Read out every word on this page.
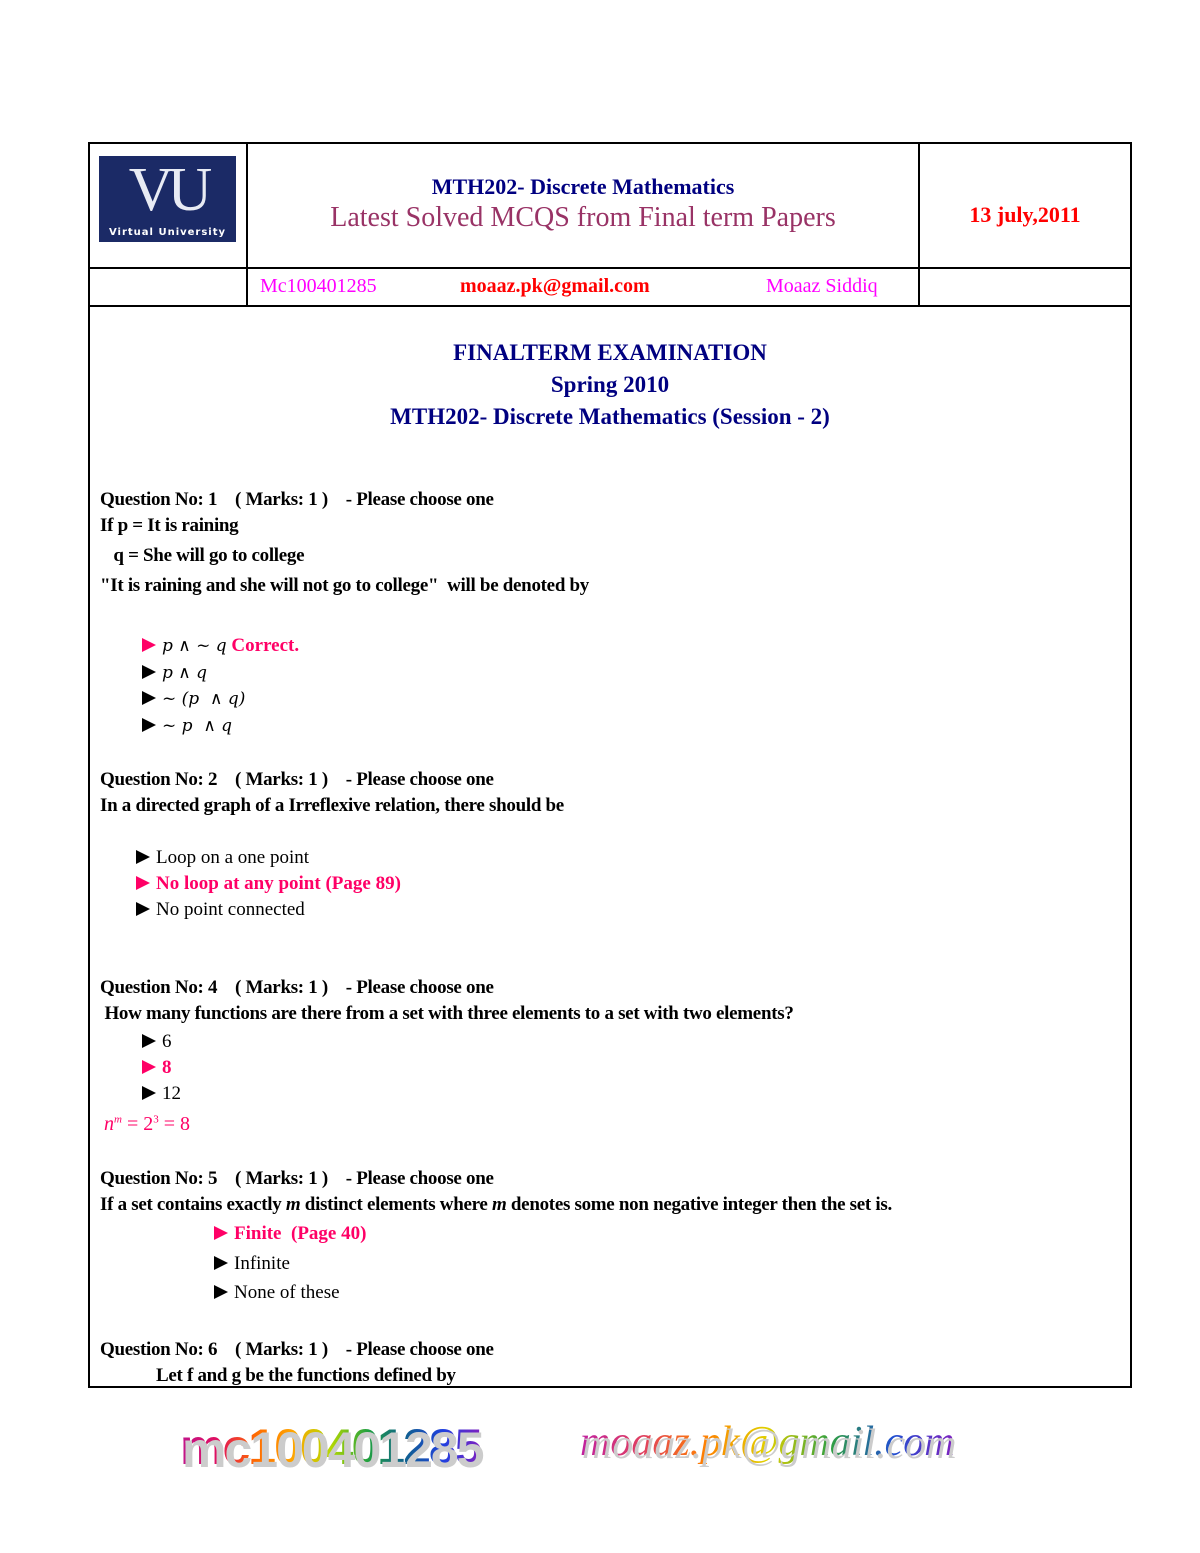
VU
Virtual University
MTH202- Discrete Mathematics
Latest Solved MCQS from Final term Papers	13 july,2011
Mc100401285	moaaz.pk@gmail.com	Moaaz Siddiq
FINALTERM EXAMINATION
Spring 2010
MTH202- Discrete Mathematics (Session - 2)
Question No: 1    ( Marks: 1 )    - Please choose one
If p = It is raining
q = She will go to college
"It is raining and she will not go to college"  will be denoted by
p ∧ ~ q Correct.
p ∧ q
~ (p  ∧ q)
~ p  ∧ q
Question No: 2    ( Marks: 1 )    - Please choose one
In a directed graph of a Irreflexive relation, there should be
Loop on a one point
No loop at any point (Page 89)
No point connected
Question No: 4    ( Marks: 1 )    - Please choose one
How many functions are there from a set with three elements to a set with two elements?
6
8
12
$n^m = 2^3 = 8$
Question No: 5    ( Marks: 1 )    - Please choose one
If a set contains exactly m distinct elements where m denotes some non negative integer then the set is.
Finite  (Page 40)
Infinite
None of these
Question No: 6    ( Marks: 1 )    - Please choose one
Let f and g be the functions defined by
mc100401285 moaaz.pk@gmail.com
